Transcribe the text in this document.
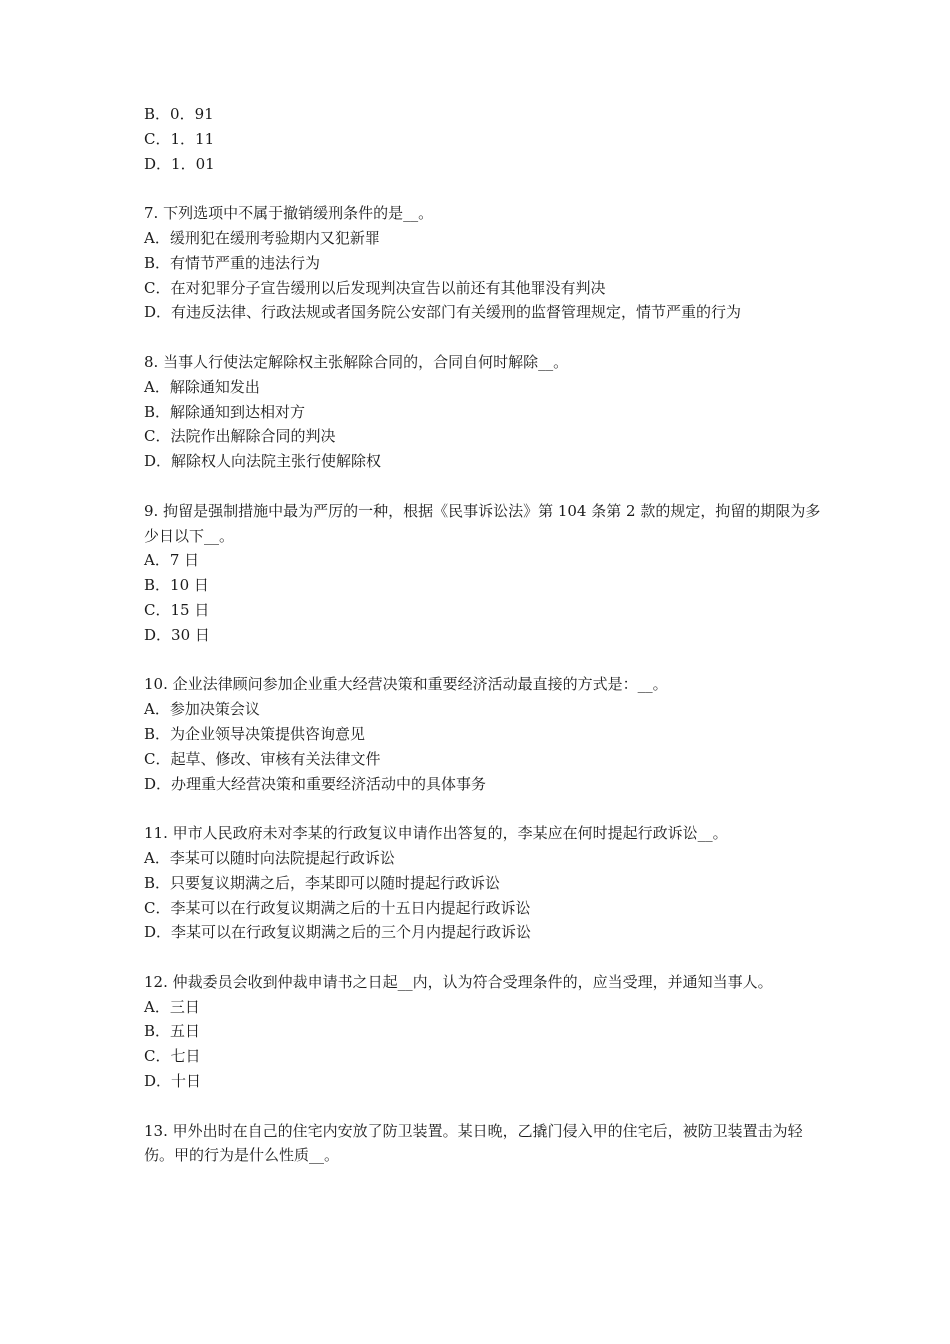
B．0．91
C．1．11
D．1．01
7. 下列选项中不属于撤销缓刑条件的是__。
A．缓刑犯在缓刑考验期内又犯新罪
B．有情节严重的违法行为
C．在对犯罪分子宣告缓刑以后发现判决宣告以前还有其他罪没有判决
D．有违反法律、行政法规或者国务院公安部门有关缓刑的监督管理规定，情节严重的行为
8. 当事人行使法定解除权主张解除合同的，合同自何时解除__。
A．解除通知发出
B．解除通知到达相对方
C．法院作出解除合同的判决
D．解除权人向法院主张行使解除权
9. 拘留是强制措施中最为严厉的一种，根据《民事诉讼法》第 104 条第 2 款的规定，拘留的期限为多少日以下__。
A．7 日
B．10 日
C．15 日
D．30 日
10. 企业法律顾问参加企业重大经营决策和重要经济活动最直接的方式是：__。
A．参加决策会议
B．为企业领导决策提供咨询意见
C．起草、修改、审核有关法律文件
D．办理重大经营决策和重要经济活动中的具体事务
11. 甲市人民政府未对李某的行政复议申请作出答复的，李某应在何时提起行政诉讼__。
A．李某可以随时向法院提起行政诉讼
B．只要复议期满之后，李某即可以随时提起行政诉讼
C．李某可以在行政复议期满之后的十五日内提起行政诉讼
D．李某可以在行政复议期满之后的三个月内提起行政诉讼
12. 仲裁委员会收到仲裁申请书之日起__内，认为符合受理条件的，应当受理，并通知当事人。
A．三日
B．五日
C．七日
D．十日
13. 甲外出时在自己的住宅内安放了防卫装置。某日晚，乙撬门侵入甲的住宅后，被防卫装置击为轻伤。甲的行为是什么性质__。
